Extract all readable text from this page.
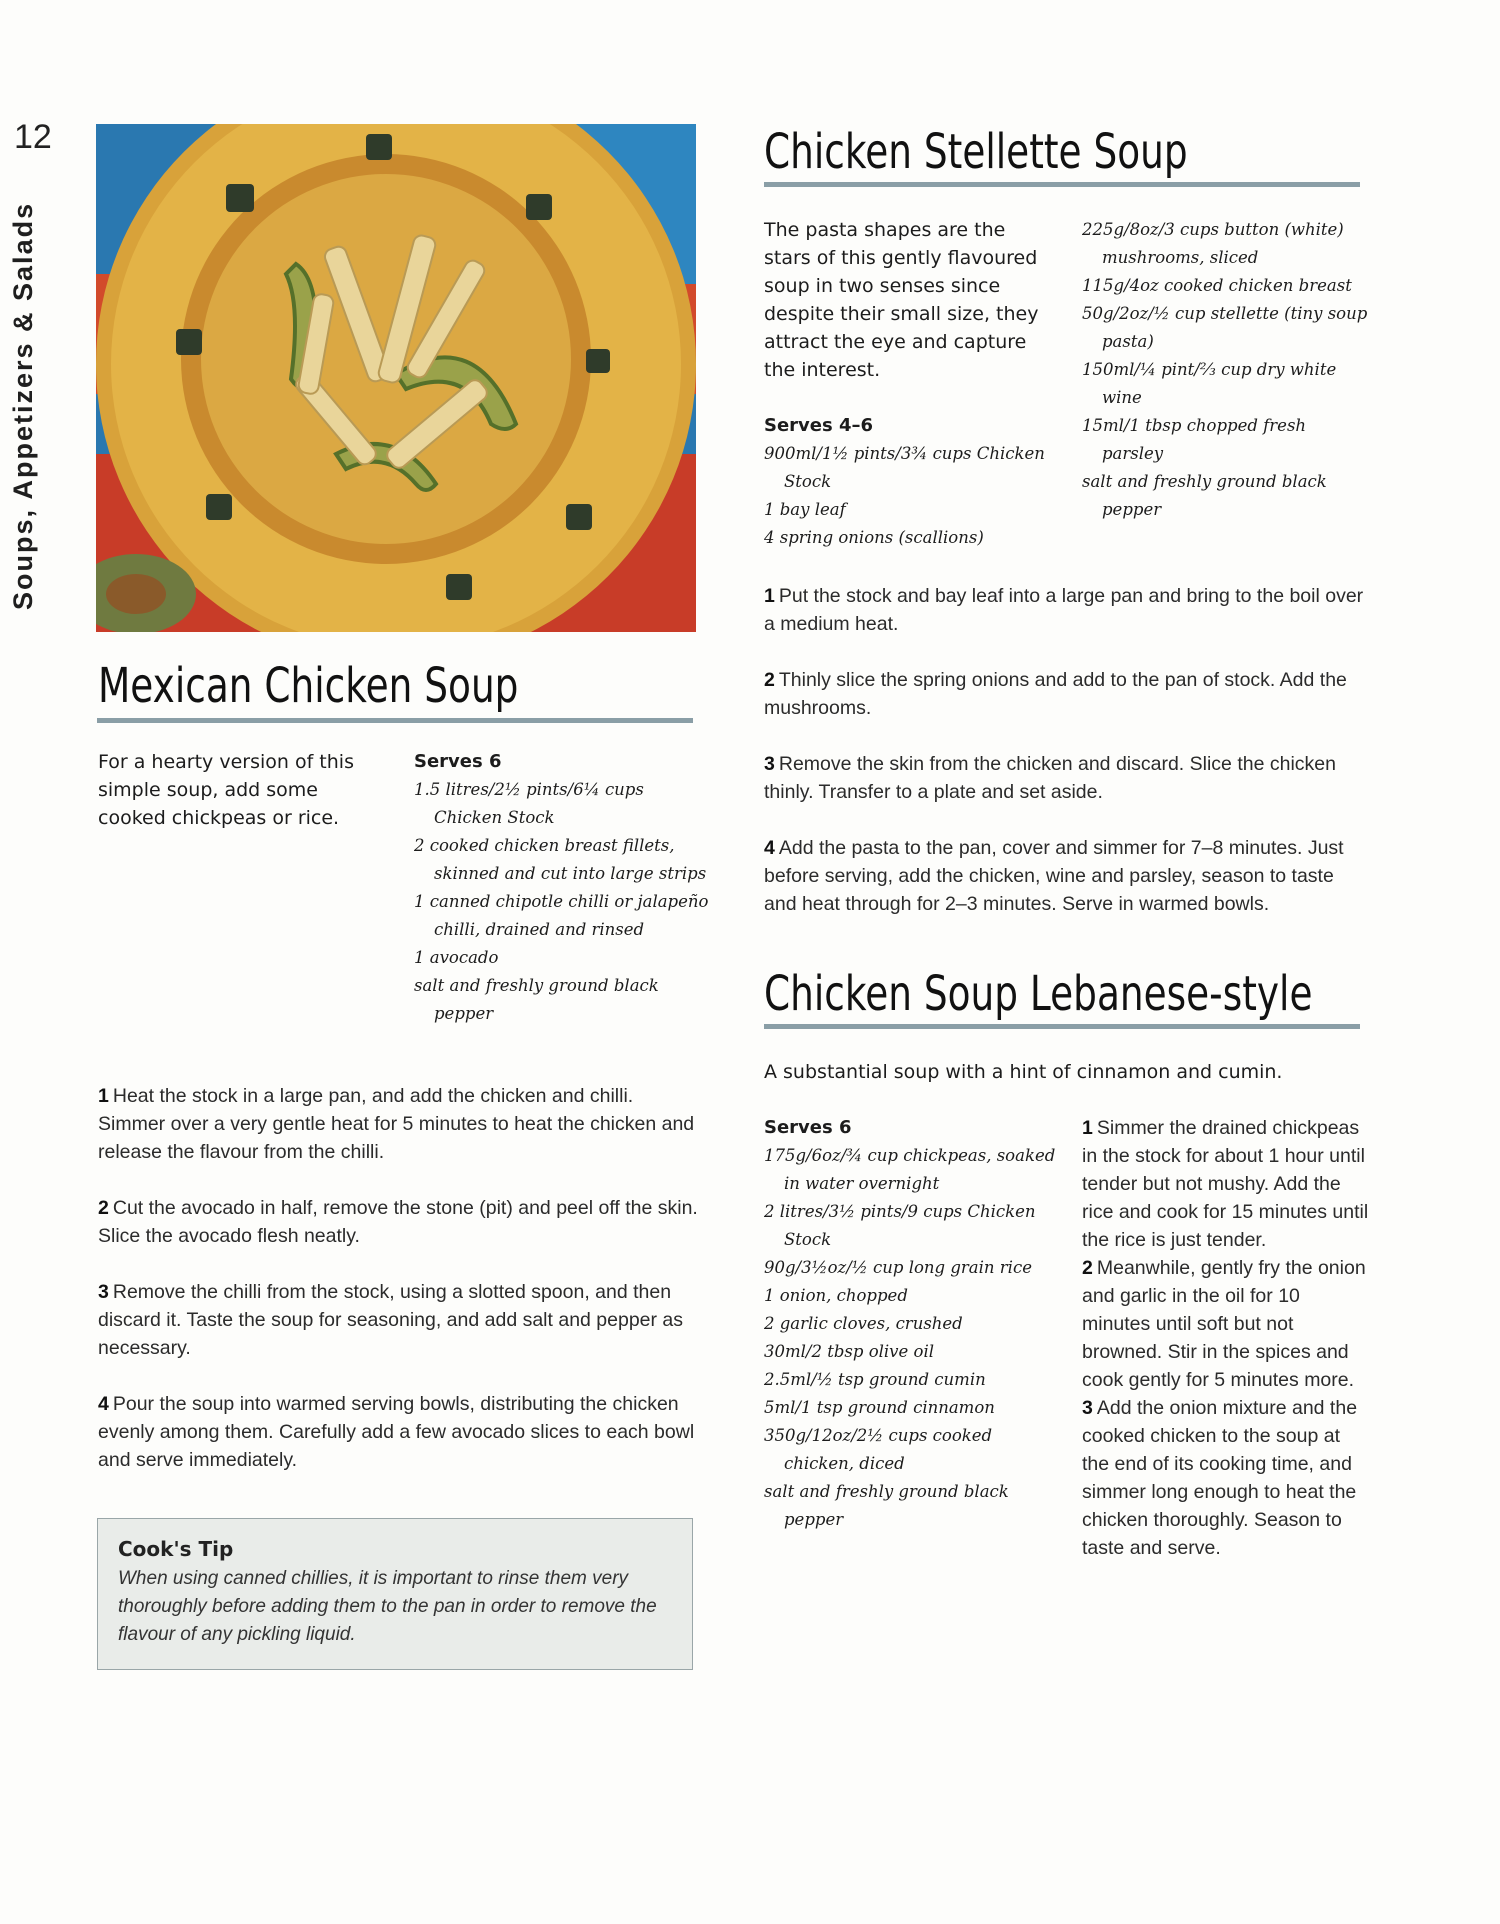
12
Soups, Appetizers & Salads
Mexican Chicken Soup
For a hearty version of this simple soup, add some cooked chickpeas or rice.
Serves 6
1.5 litres/2½ pints/6¼ cups Chicken Stock
2 cooked chicken breast fillets, skinned and cut into large strips
1 canned chipotle chilli or jalapeño chilli, drained and rinsed
1 avocado
salt and freshly ground black pepper

1 Heat the stock in a large pan, and add the chicken and chilli. Simmer over a very gentle heat for 5 minutes to heat the chicken and release the flavour from the chilli.

2 Cut the avocado in half, remove the stone (pit) and peel off the skin. Slice the avocado flesh neatly.

3 Remove the chilli from the stock, using a slotted spoon, and then discard it. Taste the soup for seasoning, and add salt and pepper as necessary.

4 Pour the soup into warmed serving bowls, distributing the chicken evenly among them. Carefully add a few avocado slices to each bowl and serve immediately.

Cook's Tip
When using canned chillies, it is important to rinse them very thoroughly before adding them to the pan in order to remove the flavour of any pickling liquid.
Chicken Stellette Soup
The pasta shapes are the stars of this gently flavoured soup in two senses since despite their small size, they attract the eye and capture the interest.
Serves 4–6
900ml/1½ pints/3¾ cups Chicken Stock
1 bay leaf
4 spring onions (scallions)
225g/8oz/3 cups button (white) mushrooms, sliced
115g/4oz cooked chicken breast
50g/2oz/½ cup stellette (tiny soup pasta)
150ml/¼ pint/⅔ cup dry white wine
15ml/1 tbsp chopped fresh parsley
salt and freshly ground black pepper

1 Put the stock and bay leaf into a large pan and bring to the boil over a medium heat.

2 Thinly slice the spring onions and add to the pan of stock. Add the mushrooms.

3 Remove the skin from the chicken and discard. Slice the chicken thinly. Transfer to a plate and set aside.

4 Add the pasta to the pan, cover and simmer for 7–8 minutes. Just before serving, add the chicken, wine and parsley, season to taste and heat through for 2–3 minutes. Serve in warmed bowls.

Chicken Soup Lebanese-style
A substantial soup with a hint of cinnamon and cumin.
Serves 6
175g/6oz/¾ cup chickpeas, soaked in water overnight
2 litres/3½ pints/9 cups Chicken Stock
90g/3½oz/½ cup long grain rice
1 onion, chopped
2 garlic cloves, crushed
30ml/2 tbsp olive oil
2.5ml/½ tsp ground cumin
5ml/1 tsp ground cinnamon
350g/12oz/2½ cups cooked chicken, diced
salt and freshly ground black pepper

1 Simmer the drained chickpeas in the stock for about 1 hour until tender but not mushy. Add the rice and cook for 15 minutes until the rice is just tender.

2 Meanwhile, gently fry the onion and garlic in the oil for 10 minutes until soft but not browned. Stir in the spices and cook gently for 5 minutes more.

3 Add the onion mixture and the cooked chicken to the soup at the end of its cooking time, and simmer long enough to heat the chicken thoroughly. Season to taste and serve.
